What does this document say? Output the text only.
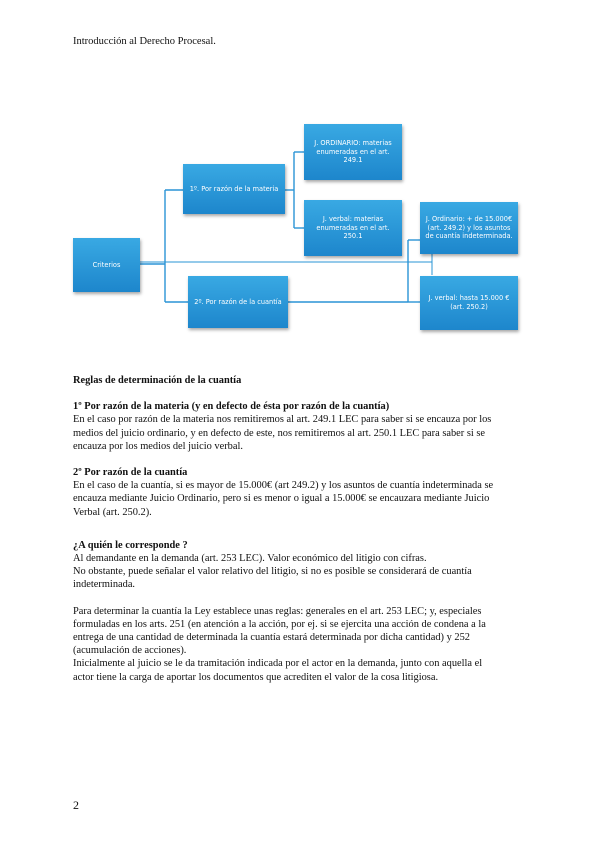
Introducción al Derecho Procesal.
Criterios
1º. Por razón de la materia
2º. Por razón de la cuantía
J. ORDINARIO: materias enumeradas en el art. 249.1
J. verbal: materias enumeradas en el art. 250.1
J. Ordinario: + de 15.000€ (art. 249.2) y los asuntos de cuantía indeterminada.
J. verbal: hasta 15.000 € (art. 250.2)

Reglas de determinación de la cuantía

1º Por razón de la materia (y en defecto de ésta por razón de la cuantía)

En el caso por razón de la materia nos remitiremos al art. 249.1 LEC para saber si se encauza por los

medios del juicio ordinario, y en defecto de este, nos remitiremos al art. 250.1 LEC para saber si se

encauza por los medios del juicio verbal.

2º Por razón de la cuantía

En el caso de la cuantía, si es mayor de 15.000€ (art 249.2) y los asuntos de cuantía indeterminada se

encauza mediante Juicio Ordinario, pero si es menor o igual a 15.000€ se encauzara mediante Juicio

Verbal (art. 250.2).

¿A quién le corresponde ?

Al demandante en la demanda (art. 253 LEC). Valor económico del litigio con cifras.

No obstante, puede señalar el valor relativo del litigio, si no es posible se considerará de cuantía

indeterminada.

Para determinar la cuantía la Ley establece unas reglas: generales en el art. 253 LEC; y, especiales

formuladas en los arts. 251 (en atención a la acción, por ej. si se ejercita una acción de condena a la

entrega de una cantidad de determinada la cuantía estará determinada por dicha cantidad) y 252

(acumulación de acciones).

Inicialmente al juicio se le da tramitación indicada por el actor en la demanda, junto con aquella el

actor tiene la carga de aportar los documentos que acrediten el valor de la cosa litigiosa.

2
